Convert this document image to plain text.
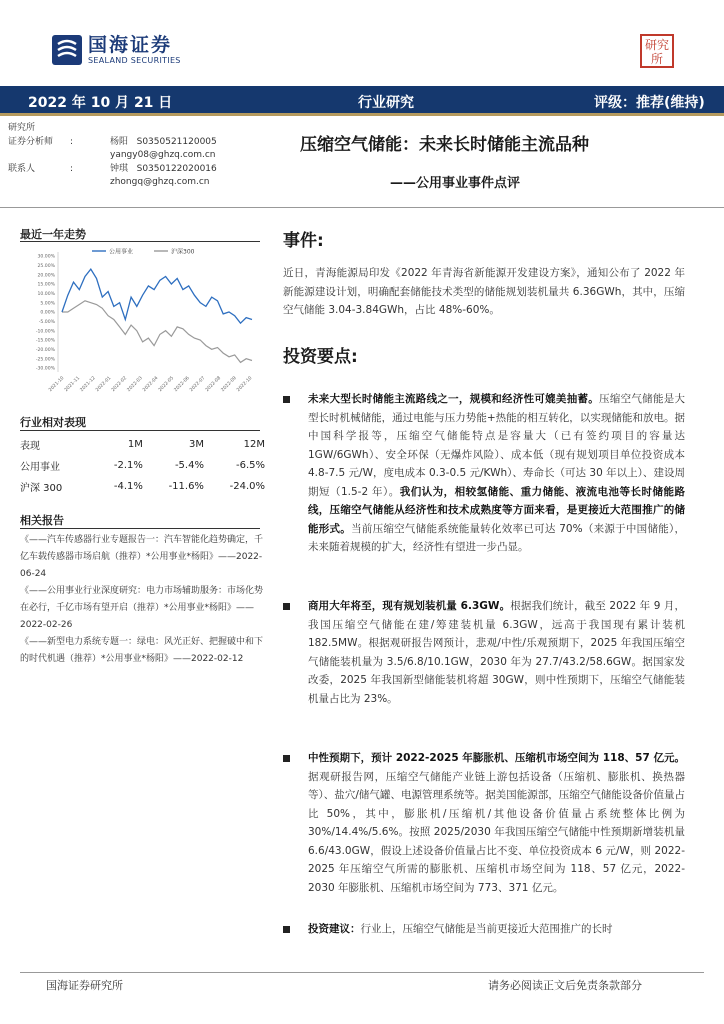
国海证券
SEALAND SECURITIES
研究 所
2022 年 10 月 21 日	行业研究	评级：推荐(维持)
研究所
证券分析师 :	杨阳 S0350521120005
yangy08@ghzq.com.cn
联系人	:	钟琪 S0350122020016
zhongq@ghzq.com.cn
压缩空气储能：未来长时储能主流品种
——公用事业事件点评
最近一年走势
公用事业	沪深300
30.00%
25.00%
20.00%
15.00%
10.00%
5.00%
0.00%
-5.00%
-10.00%
-15.00%
-20.00%
-25.00%
-30.00%
2021-10
2021-11
2021-12
2022-01
2022-02
2022-03
2022-04
2022-05
2022-06
2022-07
2022-08
2022-09
2022-10
行业相对表现
表现	1M	3M	12M
公用事业	-2.1%	-5.4%	-6.5%
沪深 300	-4.1%	-11.6%	-24.0%
相关报告

《——汽车传感器行业专题报告一：汽车智能化趋势确定，千亿车载传感器市场启航（推荐）*公用事业*杨阳》——2022-06-24

《——公用事业行业深度研究：电力市场辅助服务：市场化势在必行，千亿市场有望开启（推荐）*公用事业*杨阳》——2022-02-26

《——新型电力系统专题一：绿电：风光正好、把握破中和下的时代机遇（推荐）*公用事业*杨阳》——2022-02-12

事件:
近日，青海能源局印发《2022 年青海省新能源开发建设方案》，通知公布了 2022 年新能源建设计划，明确配套储能技术类型的储能规划装机量共 6.36GWh，其中，压缩空气储能 3.04-3.84GWh，占比 48%-60%。
投资要点:
未来大型长时储能主流路线之一，规模和经济性可媲美抽蓄。压缩空气储能是大型长时机械储能，通过电能与压力势能+热能的相互转化，以实现储能和放电。据中国科学报等，压缩空气储能特点是容量大（已有签约项目的容量达 1GW/6GWh）、安全环保（无爆炸风险）、成本低（现有规划项目单位投资成本 4.8-7.5 元/W，度电成本 0.3-0.5 元/KWh）、寿命长（可达 30 年以上）、建设周期短（1.5-2 年）。我们认为，相较氢储能、重力储能、液流电池等长时储能路线，压缩空气储能从经济性和技术成熟度等方面来看，是更接近大范围推广的储能形式。当前压缩空气储能系统能量转化效率已可达 70%（来源于中国储能），未来随着规模的扩大，经济性有望进一步凸显。
商用大年将至，现有规划装机量 6.3GW。根据我们统计，截至 2022 年 9 月，我国压缩空气储能在建/筹建装机量 6.3GW，远高于我国现有累计装机 182.5MW。根据观研报告网预计，悲观/中性/乐观预期下，2025 年我国压缩空气储能装机量为 3.5/6.8/10.1GW，2030 年为 27.7/43.2/58.6GW。据国家发改委，2025 年我国新型储能装机将超 30GW，则中性预期下，压缩空气储能装机量占比为 23%。
中性预期下，预计 2022-2025 年膨胀机、压缩机市场空间为 118、57 亿元。据观研报告网，压缩空气储能产业链上游包括设备（压缩机、膨胀机、换热器等）、盐穴/储气罐、电源管理系统等。据美国能源部，压缩空气储能设备价值量占比 50%，其中，膨胀机/压缩机/其他设备价值量占系统整体比例为 30%/14.4%/5.6%。按照 2025/2030 年我国压缩空气储能中性预期新增装机量 6.6/43.0GW，假设上述设备价值量占比不变、单位投资成本 6 元/W，则 2022-2025 年压缩空气所需的膨胀机、压缩机市场空间为 118、57 亿元，2022-2030 年膨胀机、压缩机市场空间为 773、371 亿元。
投资建议：行业上，压缩空气储能是当前更接近大范围推广的长时
国海证券研究所	请务必阅读正文后免责条款部分
